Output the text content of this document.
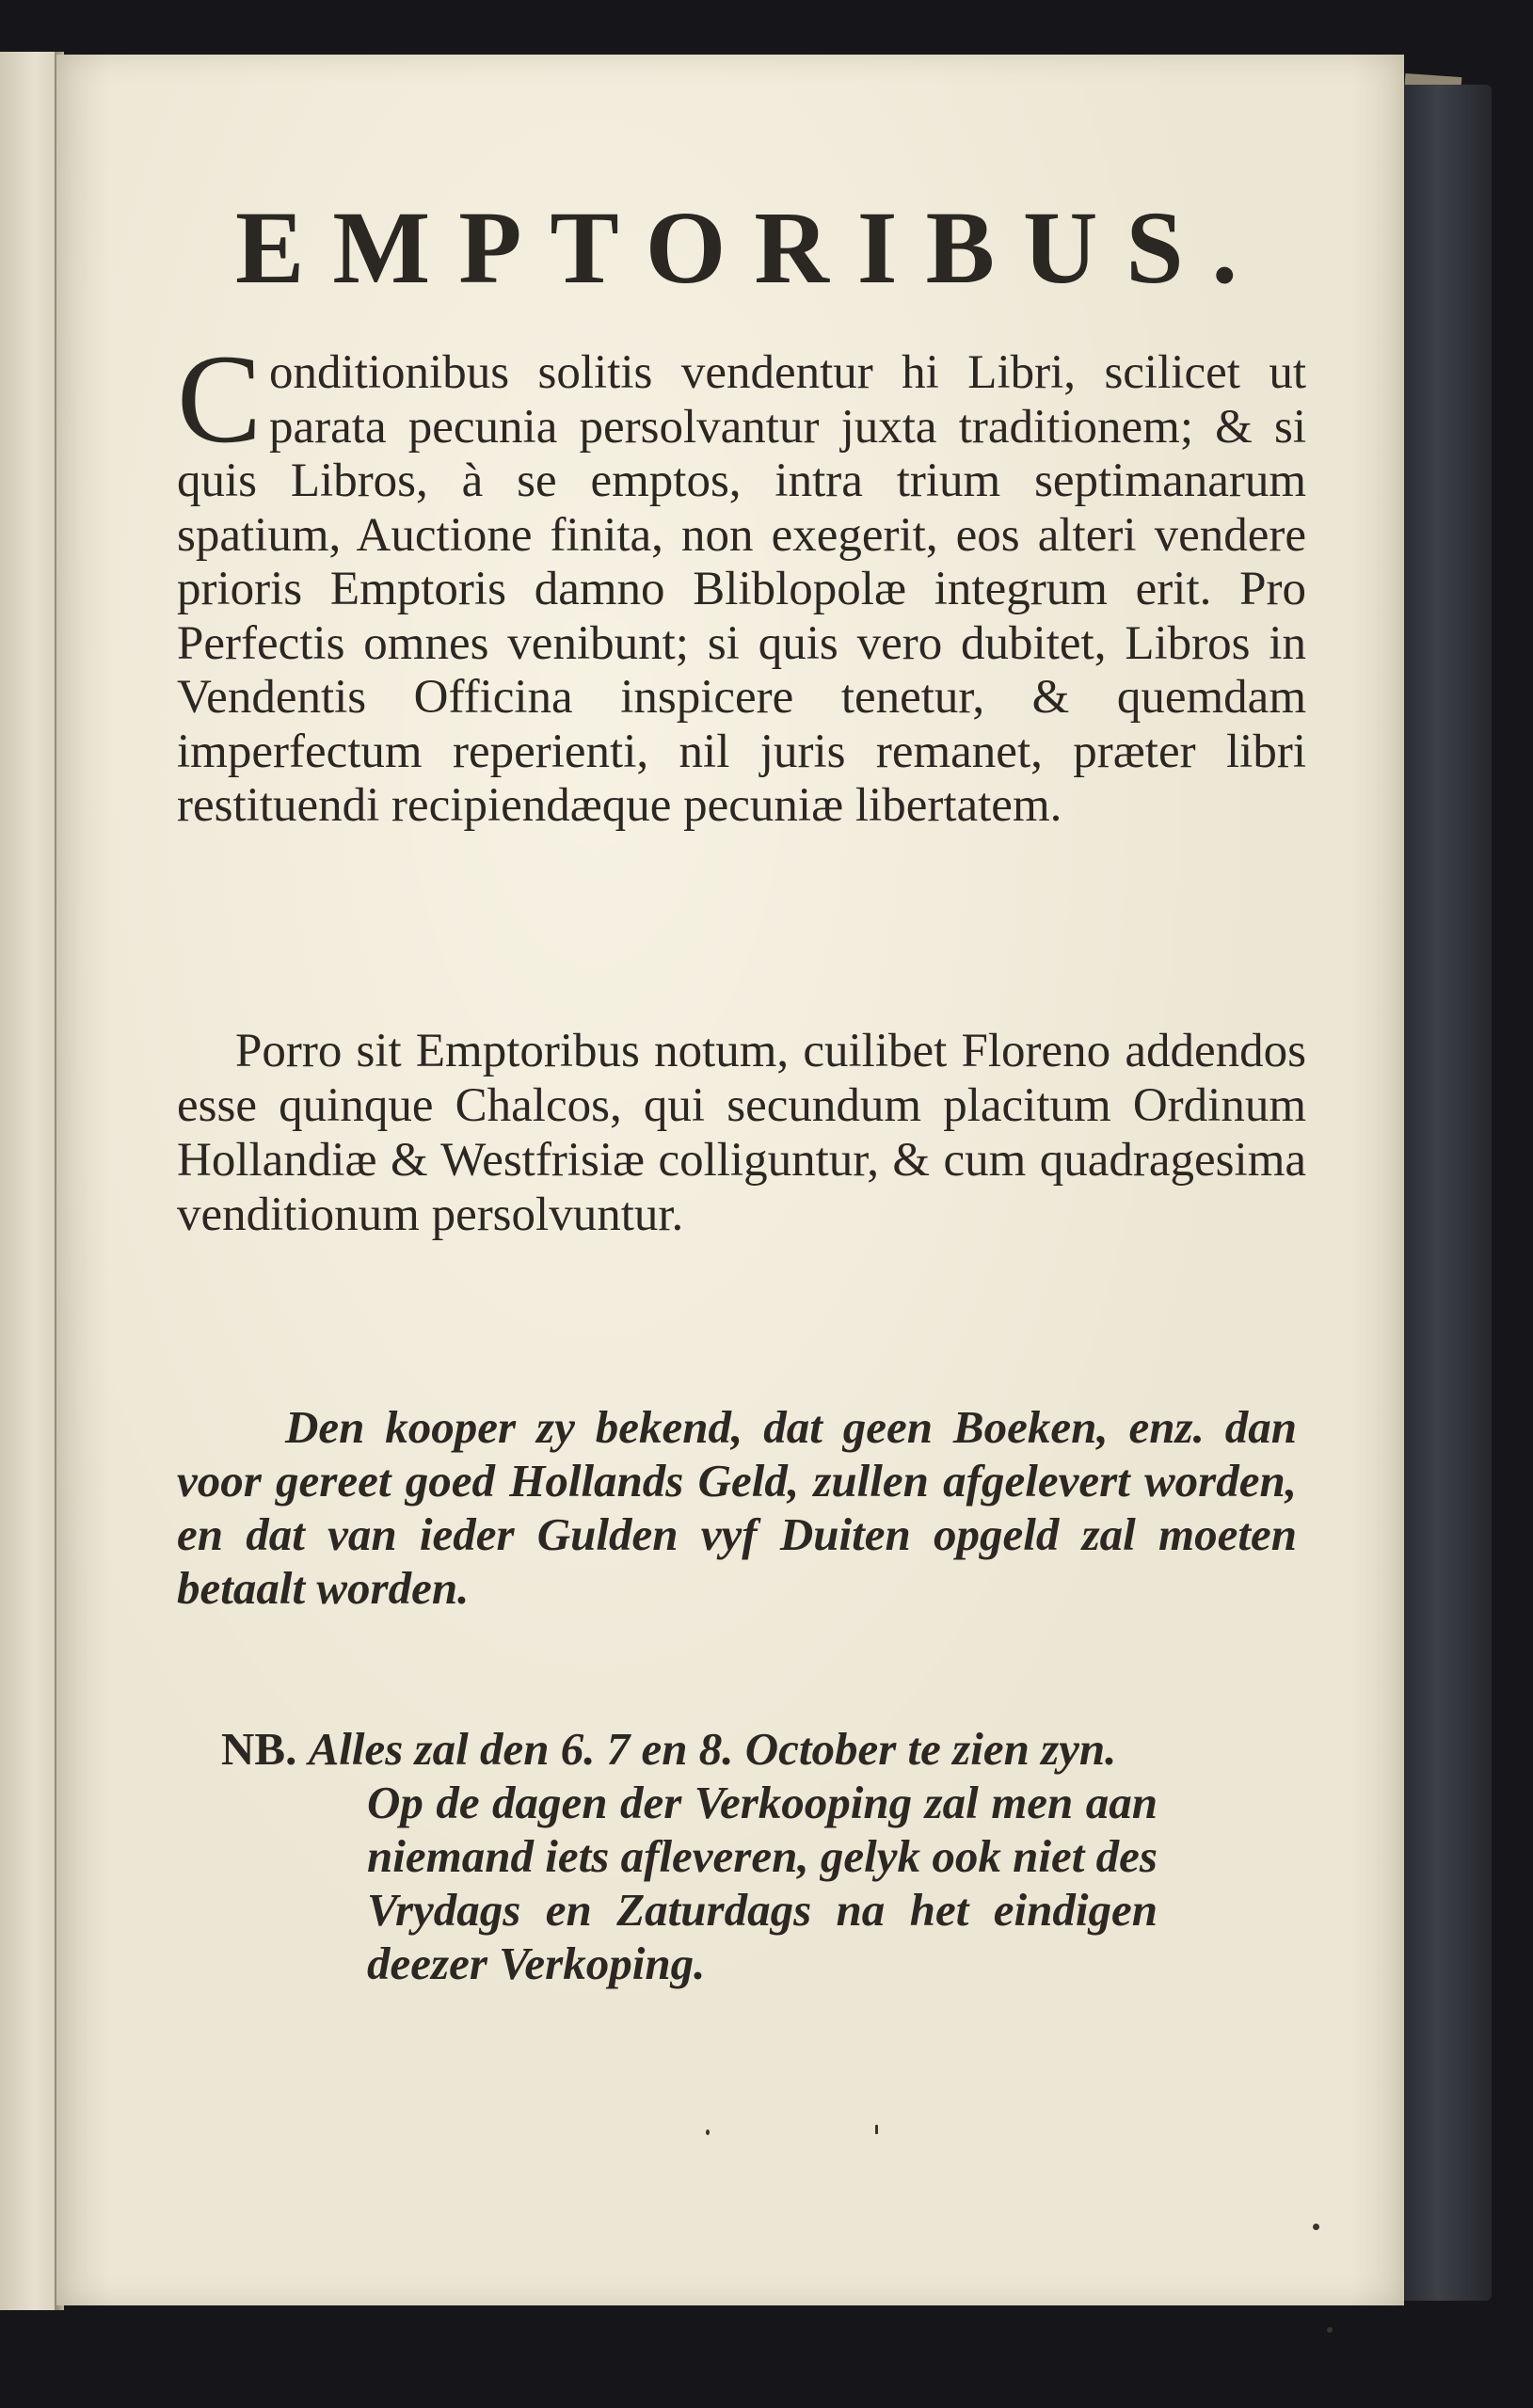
EMPTORIBUS.

Conditionibus solitis vendentur hi Libri, scilicet ut parata pecunia persolvantur juxta traditionem; & si quis Libros, à se emptos, intra trium septimanarum spatium, Auctione finita, non exegerit, eos alteri vendere prioris Emptoris damno Bliblopolæ integrum erit. Pro Perfectis omnes venibunt; si quis vero dubitet, Libros in Vendentis Officina inspicere tenetur, & quemdam imperfectum reperienti, nil juris remanet, præter libri restituendi recipiendæque pecuniæ libertatem.

Porro sit Emptoribus notum, cuilibet Floreno addendos esse quinque Chalcos, qui secundum placitum Ordinum Hollandiæ & Westfrisiæ colliguntur, & cum quadragesima venditionum persolvuntur.

Den kooper zy bekend, dat geen Boeken, enz. dan voor gereet goed Hollands Geld, zullen afgelevert worden, en dat van ieder Gulden vyf Duiten opgeld zal moeten betaalt worden.

NB. Alles zal den 6. 7 en 8. October te zien zyn.
Op de dagen der Verkooping zal men aan niemand iets afleveren, gelyk ook niet des Vrydags en Zaturdags na het eindigen deezer Verkoping.
